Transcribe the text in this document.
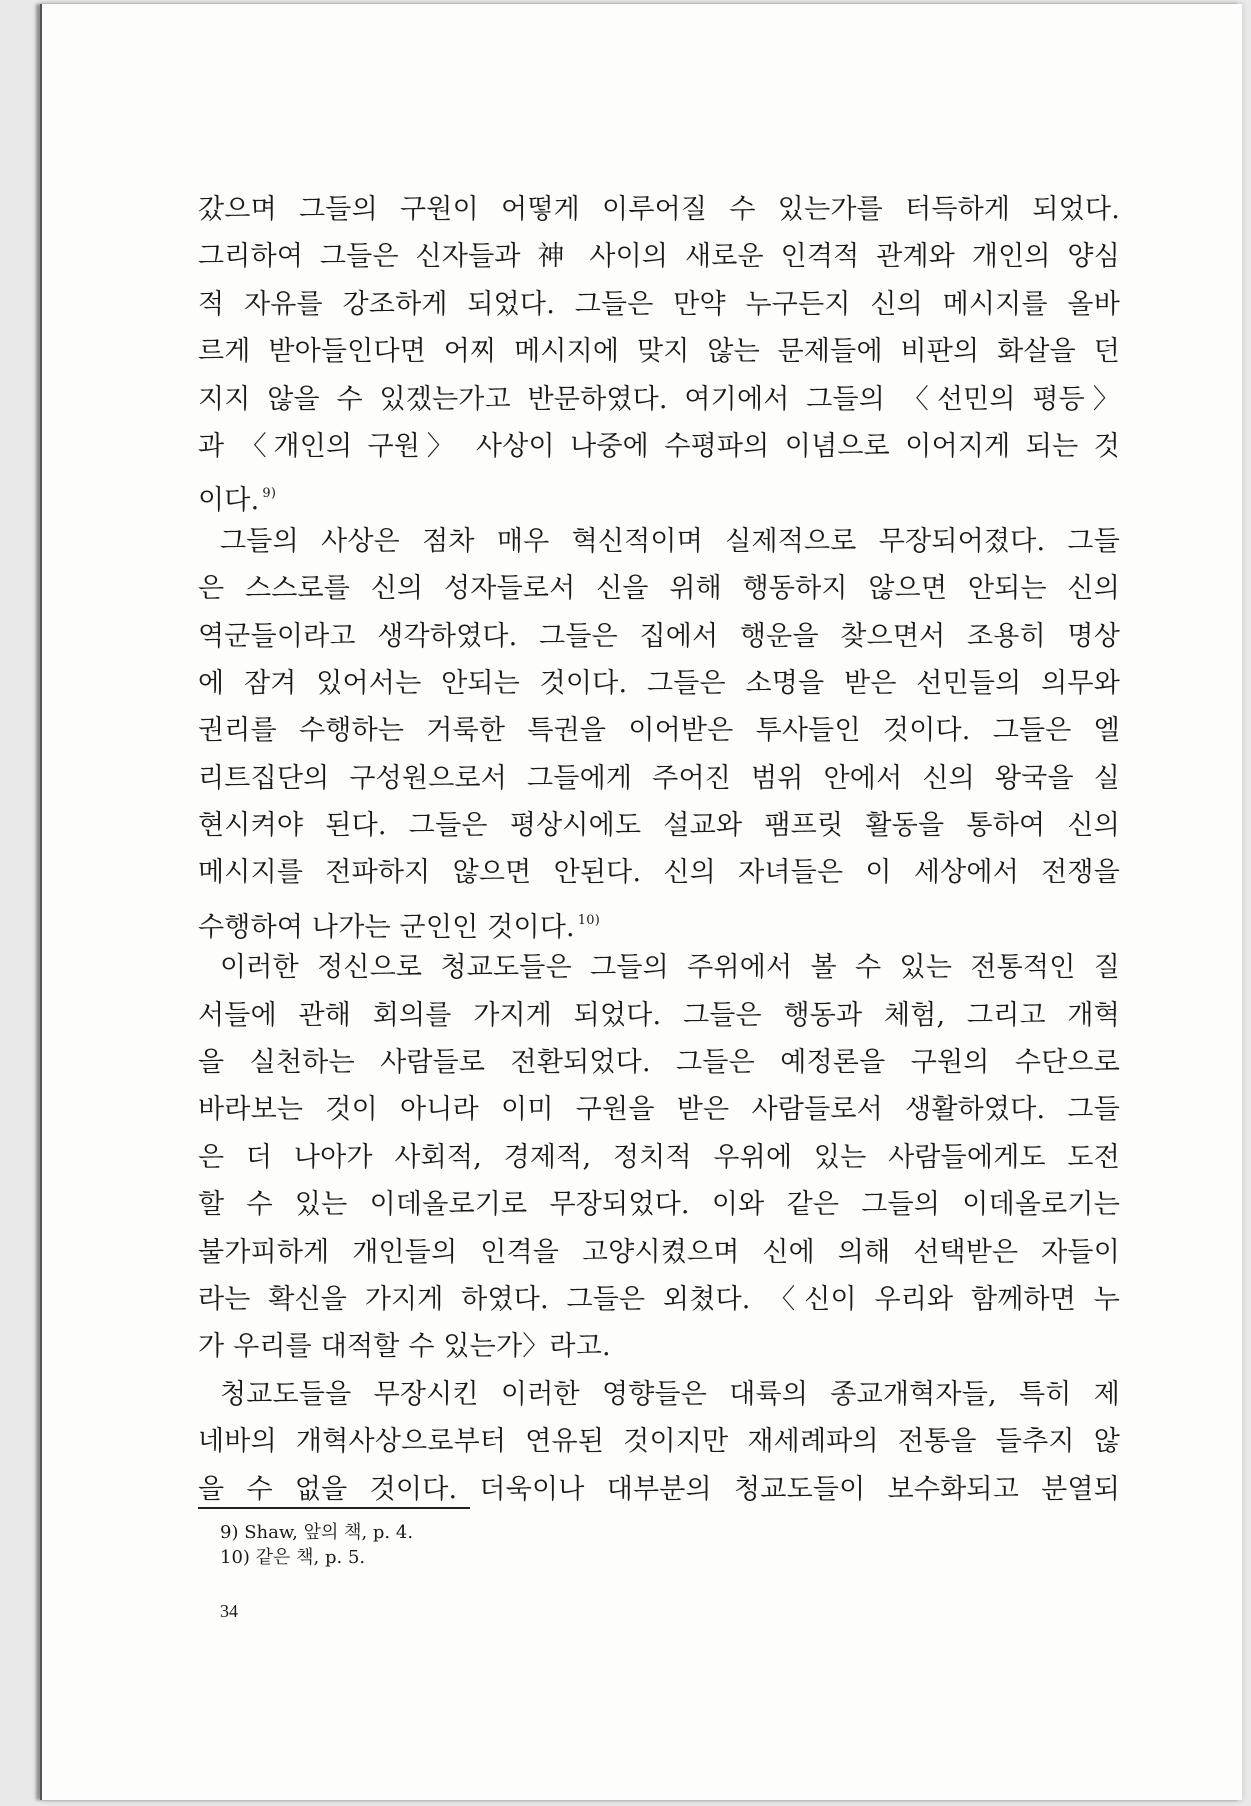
갔으며 그들의 구원이 어떻게 이루어질 수 있는가를 터득하게 되었다.
그리하여 그들은 신자들과 神 사이의 새로운 인격적 관계와 개인의 양심
적 자유를 강조하게 되었다. 그들은 만약 누구든지 신의 메시지를 올바
르게 받아들인다면 어찌 메시지에 맞지 않는 문제들에 비판의 화살을 던
지지 않을 수 있겠는가고 반문하였다. 여기에서 그들의 〈선민의 평등〉
과 〈개인의 구원〉 사상이 나중에 수평파의 이념으로 이어지게 되는 것
이다. $^{9)}$
그들의 사상은 점차 매우 혁신적이며 실제적으로 무장되어졌다. 그들
은 스스로를 신의 성자들로서 신을 위해 행동하지 않으면 안되는 신의
역군들이라고 생각하였다. 그들은 집에서 행운을 찾으면서 조용히 명상
에 잠겨 있어서는 안되는 것이다. 그들은 소명을 받은 선민들의 의무와
권리를 수행하는 거룩한 특권을 이어받은 투사들인 것이다. 그들은 엘
리트집단의 구성원으로서 그들에게 주어진 범위 안에서 신의 왕국을 실
현시켜야 된다. 그들은 평상시에도 설교와 팸프릿 활동을 통하여 신의
메시지를 전파하지 않으면 안된다. 신의 자녀들은 이 세상에서 전쟁을
수행하여 나가는 군인인 것이다. $^{10)}$
이러한 정신으로 청교도들은 그들의 주위에서 볼 수 있는 전통적인 질
서들에 관해 회의를 가지게 되었다. 그들은 행동과 체험, 그리고 개혁
을 실천하는 사람들로 전환되었다. 그들은 예정론을 구원의 수단으로
바라보는 것이 아니라 이미 구원을 받은 사람들로서 생활하였다. 그들
은 더 나아가 사회적, 경제적, 정치적 우위에 있는 사람들에게도 도전
할 수 있는 이데올로기로 무장되었다. 이와 같은 그들의 이데올로기는
불가피하게 개인들의 인격을 고양시켰으며 신에 의해 선택받은 자들이
라는 확신을 가지게 하였다. 그들은 외쳤다. 〈신이 우리와 함께하면 누
가 우리를 대적할 수 있는가〉라고.
청교도들을 무장시킨 이러한 영향들은 대륙의 종교개혁자들, 특히 제
네바의 개혁사상으로부터 연유된 것이지만 재세례파의 전통을 들추지 않
을 수 없을 것이다. 더욱이나 대부분의 청교도들이 보수화되고 분열되
9) Shaw, 앞의 책, p. 4.
10) 같은 책, p. 5.
34
